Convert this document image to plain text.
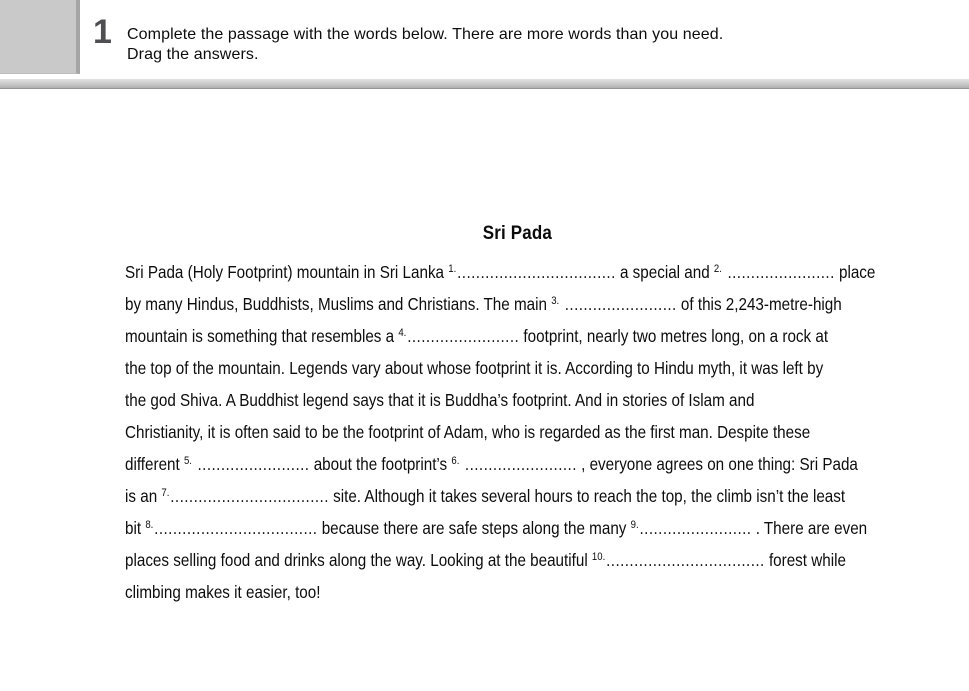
1 Complete the passage with the words below. There are more words than you need.
Drag the answers.
Sri Pada
Sri Pada (Holy Footprint) mountain in Sri Lanka $^{1.}$.................................. a special and $^{2.}$ ....................... place
by many Hindus, Buddhists, Muslims and Christians. The main $^{3.}$ ........................ of this 2,243-metre-high
mountain is something that resembles a $^{4.}$........................ footprint, nearly two metres long, on a rock at
the top of the mountain. Legends vary about whose footprint it is. According to Hindu myth, it was left by
the god Shiva. A Buddhist legend says that it is Buddha’s footprint. And in stories of Islam and
Christianity, it is often said to be the footprint of Adam, who is regarded as the first man. Despite these
different $^{5.}$ ........................ about the footprint’s $^{6.}$ ........................ , everyone agrees on one thing: Sri Pada
is an $^{7.}$.................................. site. Although it takes several hours to reach the top, the climb isn’t the least
bit $^{8.}$................................... because there are safe steps along the many $^{9.}$........................ . There are even
places selling food and drinks along the way. Looking at the beautiful $^{10.}$.................................. forest while
climbing makes it easier, too!
